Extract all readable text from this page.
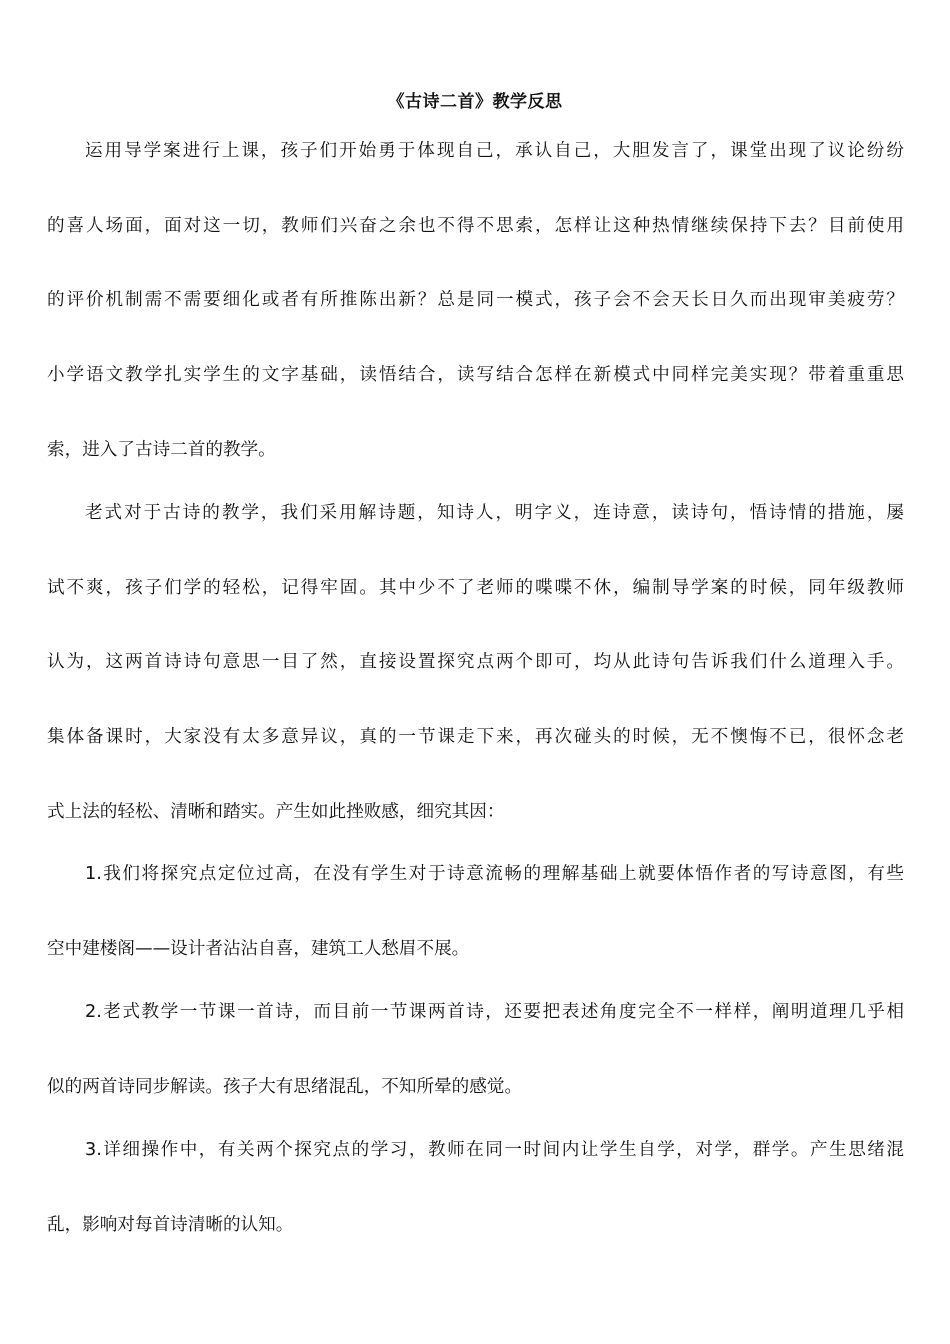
《古诗二首》教学反思
运用导学案进行上课，孩子们开始勇于体现自己，承认自己，大胆发言了，课堂出现了议论纷纷
的喜人场面，面对这一切，教师们兴奋之余也不得不思索，怎样让这种热情继续保持下去？目前使用
的评价机制需不需要细化或者有所推陈出新？总是同一模式，孩子会不会天长日久而出现审美疲劳？
小学语文教学扎实学生的文字基础，读悟结合，读写结合怎样在新模式中同样完美实现？带着重重思
索，进入了古诗二首的教学。
老式对于古诗的教学，我们采用解诗题，知诗人，明字义，连诗意，读诗句，悟诗情的措施，屡
试不爽，孩子们学的轻松，记得牢固。其中少不了老师的喋喋不休，编制导学案的时候，同年级教师
认为，这两首诗诗句意思一目了然，直接设置探究点两个即可，均从此诗句告诉我们什么道理入手。
集体备课时，大家没有太多意异议，真的一节课走下来，再次碰头的时候，无不懊悔不已，很怀念老
式上法的轻松、清晰和踏实。产生如此挫败感，细究其因：
1.我们将探究点定位过高，在没有学生对于诗意流畅的理解基础上就要体悟作者的写诗意图，有些
空中建楼阁——设计者沾沾自喜，建筑工人愁眉不展。
2.老式教学一节课一首诗，而目前一节课两首诗，还要把表述角度完全不一样样，阐明道理几乎相
似的两首诗同步解读。孩子大有思绪混乱，不知所晕的感觉。
3.详细操作中，有关两个探究点的学习，教师在同一时间内让学生自学，对学，群学。产生思绪混
乱，影响对每首诗清晰的认知。
